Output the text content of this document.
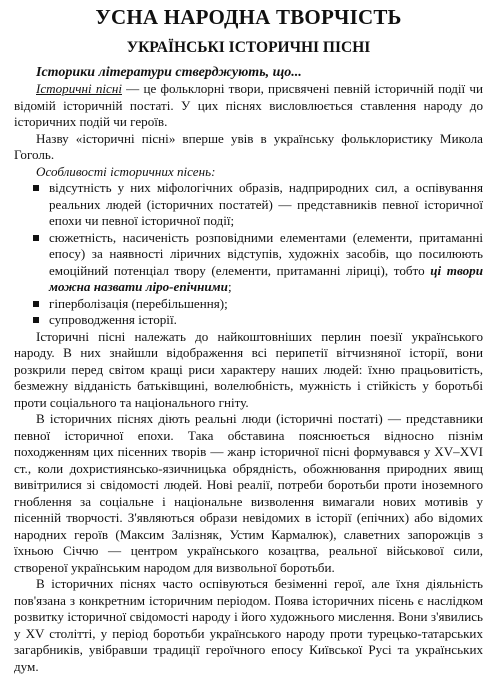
УСНА НАРОДНА ТВОРЧІСТЬ
УКРАЇНСЬКІ ІСТОРИЧНІ ПІСНІ
Історики літератури стверджують, що...

Історичні пісні — це фольклорні твори, присвячені певній історичній події чи відомій історичній постаті. У цих піснях висловлюється ставлення народу до історичних подій чи героїв.

Назву «історичні пісні» вперше увів в українську фольклористику Микола Гоголь.

Особливості історичних пісень:
відсутність у них міфологічних образів, надприродних сил, а оспівування реальних людей (історичних постатей) — представників певної історичної епохи чи певної історичної події;
сюжетність, насиченість розповідними елементами (елементи, притаманні епосу) за наявності ліричних відступів, художніх засобів, що посилюють емоційний потенціал твору (елементи, притаманні ліриці), тобто ці твори можна назвати ліро-епічними;
гіперболізація (перебільшення);
супроводження історії.

Історичні пісні належать до найкоштовніших перлин поезії українського народу. В них знайшли відображення всі перипетії вітчизняної історії, вони розкрили перед світом кращі риси характеру наших людей: їхню працьовитість, безмежну відданість батьківщині, волелюбність, мужність і стійкість у боротьбі проти соціального та національного гніту.

В історичних піснях діють реальні люди (історичні постаті) — представники певної історичної епохи. Така обставина пояснюється відносно пізнім походженням цих пісенних творів — жанр історичної пісні формувався у XV–XVI ст., коли дохристиянсько-язичницька обрядність, обожнювання природних явищ вивітрилися зі свідомості людей. Нові реалії, потреби боротьби проти іноземного гноблення за соціальне і національне визволення вимагали нових мотивів у пісенній творчості. З'являються образи невідомих в історії (епічних) або відомих народних героїв (Максим Залізняк, Устим Кармалюк), славетних запорожців з їхньою Січчю — центром українського козацтва, реальної військової сили, створеної українським народом для визвольної боротьби.

В історичних піснях часто оспівуються безіменні герої, але їхня діяльність пов'язана з конкретним історичним періодом. Поява історичних пісень є наслідком розвитку історичної свідомості народу і його художнього мислення. Вони з'явились у XV столітті, у період боротьби українського народу проти турецько-татарських загарбників, увібравши традиції героїчного епосу Київської Русі та українських дум.
